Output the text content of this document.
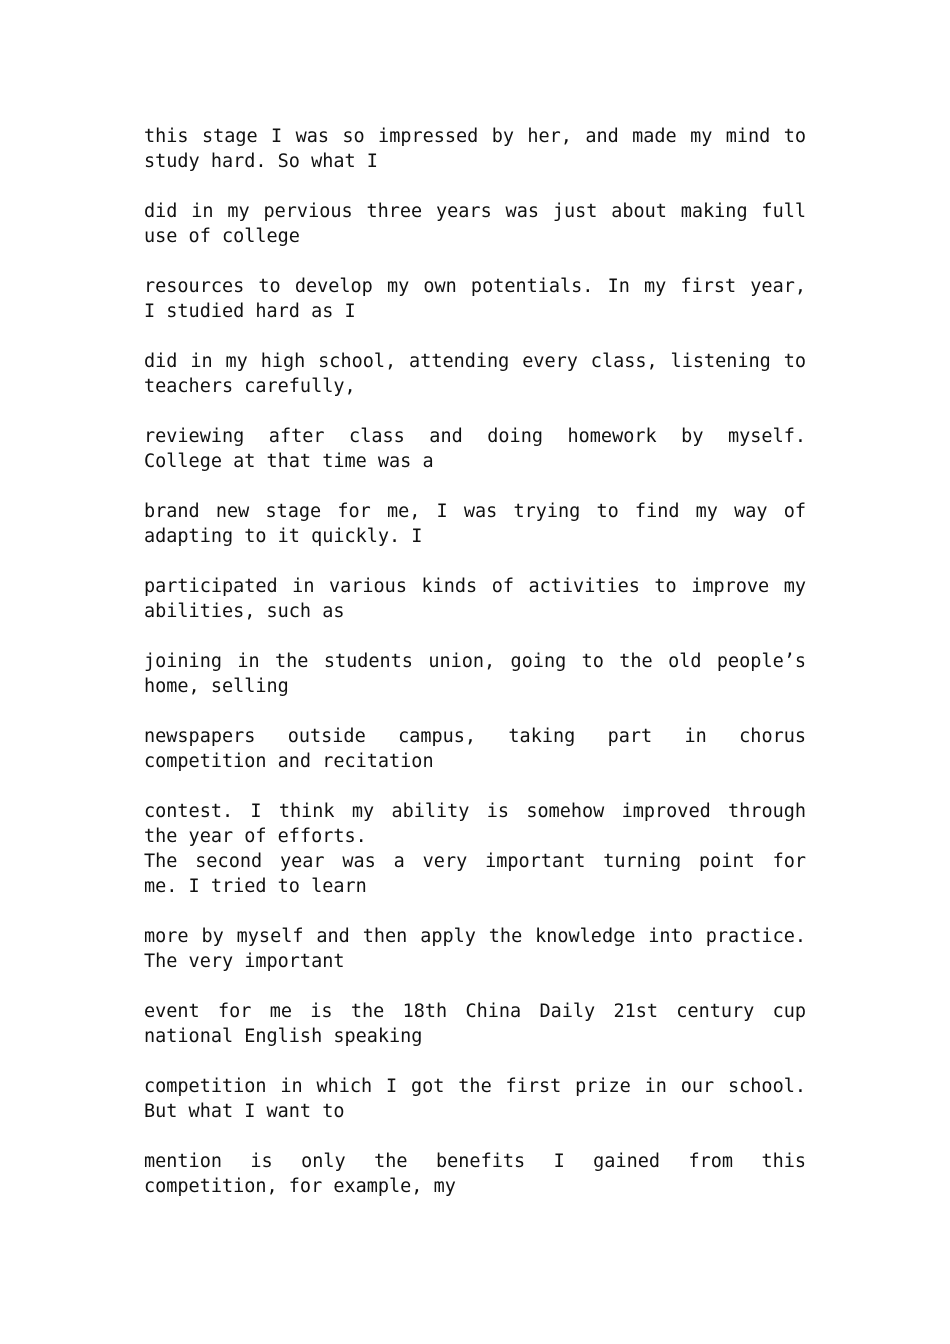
this stage I was so impressed by her, and made my mind to
study hard. So what I
did in my pervious three years was just about making full
use of college
resources to develop my own potentials. In my first year,
I studied hard as I
did in my high school, attending every class, listening to
teachers carefully,
reviewing after class and doing homework by myself.
College at that time was a
brand new stage for me, I was trying to find my way of
adapting to it quickly. I
participated in various kinds of activities to improve my
abilities, such as
joining in the students union, going to the old people’s
home, selling
newspapers outside campus, taking part in chorus
competition and recitation
contest. I think my ability is somehow improved through
the year of efforts.
The second year was a very important turning point for
me. I tried to learn
more by myself and then apply the knowledge into practice.
The very important
event for me is the 18th China Daily 21st century cup
national English speaking
competition in which I got the first prize in our school.
But what I want to
mention is only the benefits I gained from this
competition, for example, my
